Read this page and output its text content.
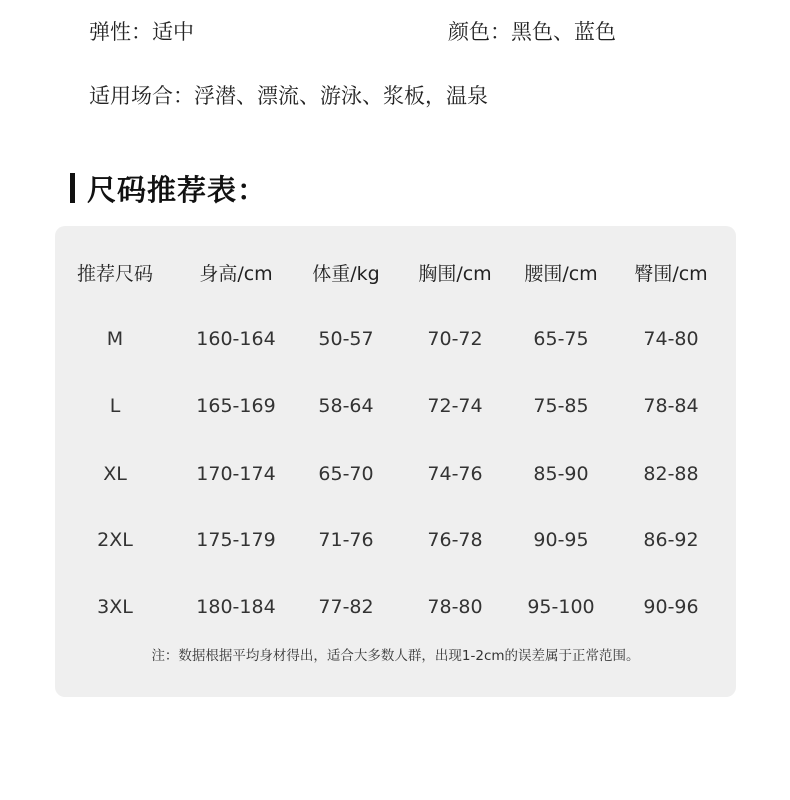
弹性：适中	颜色：黑色、蓝色
适用场合：浮潜、漂流、游泳、浆板，温泉
尺码推荐表：
推荐尺码	身高/cm	体重/kg	胸围/cm	腰围/cm	臀围/cm
M	160-164	50-57	70-72	65-75	74-80
L	165-169	58-64	72-74	75-85	78-84
XL	170-174	65-70	74-76	85-90	82-88
2XL	175-179	71-76	76-78	90-95	86-92
3XL	180-184	77-82	78-80	95-100	90-96
注：数据根据平均身材得出，适合大多数人群，出现1-2cm的误差属于正常范围。
